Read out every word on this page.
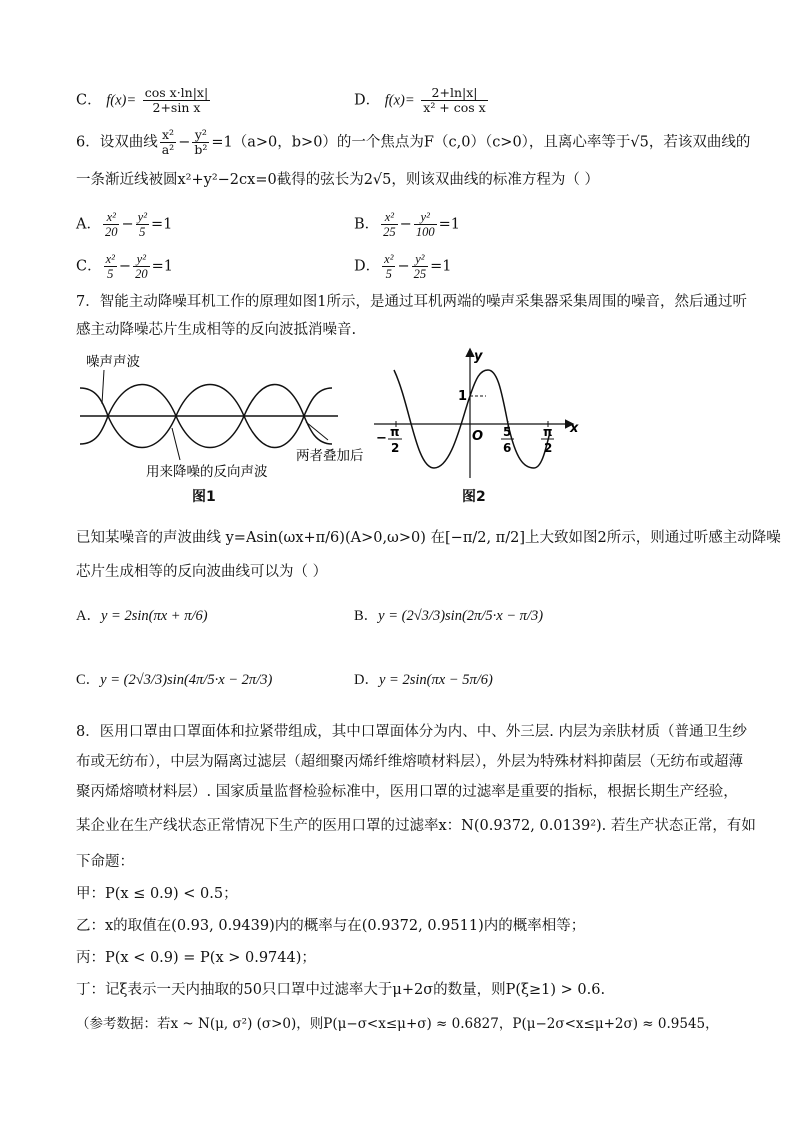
C． $f(x)= \frac{\text{cos x·ln|x|}}{\text{2+sin x}}$	D． $f(x)= \frac{2+\ln|x|}{\text{x² + cos x}}$
6．设双曲线 $\frac{\text{x²}}{\text{a²}} - \frac{\text{y²}}{\text{b²}} =1(a>0$，b>0）的一个焦点为F（c,0）（c>0），且离心率等于√5，若该双曲线的
一条渐近线被圆x²+y²−2cx=0截得的弦长为2√5，则该双曲线的标准方程为（ ）
A． $\frac{\text{x²}}{20} - \frac{\text{y²}}{5} =1$	B． $\frac{\text{x²}}{25} - \frac{\text{y²}}{100} =1$
C． $\frac{\text{x²}}{5} - \frac{\text{y²}}{20} =1$	D． $\frac{\text{x²}}{5} - \frac{\text{y²}}{25} =1$
7．智能主动降噪耳机工作的原理如图1所示，是通过耳机两端的噪声采集器采集周围的噪音，然后通过听
感主动降噪芯片生成相等的反向波抵消噪音.
噪声声波
用来降噪的反向声波
两者叠加后
图1
y
x
O
1
− π
2
5
6
π
2
图2
已知某噪音的声波曲线 y=Asin(ωx+π/6)(A>0,ω>0) 在[−π/2, π/2]上大致如图2所示，则通过听感主动降噪
芯片生成相等的反向波曲线可以为（ ）
A．y = 2sin(πx + π/6)	B．y = (2√3/3)sin(2π/5·x − π/3)
C．y = (2√3/3)sin(4π/5·x − 2π/3)	D．y = 2sin(πx − 5π/6)
8．医用口罩由口罩面体和拉紧带组成，其中口罩面体分为内、中、外三层. 内层为亲肤材质（普通卫生纱
布或无纺布），中层为隔离过滤层（超细聚丙烯纤维熔喷材料层），外层为特殊材料抑菌层（无纺布或超薄
聚丙烯熔喷材料层）. 国家质量监督检验标准中，医用口罩的过滤率是重要的指标，根据长期生产经验，
某企业在生产线状态正常情况下生产的医用口罩的过滤率x：N(0.9372, 0.0139²). 若生产状态正常，有如
下命题：
甲：P(x ≤ 0.9) < 0.5；
乙：x的取值在(0.93, 0.9439)内的概率与在(0.9372, 0.9511)内的概率相等；
丙：P(x < 0.9) = P(x > 0.9744)；
丁：记ξ表示一天内抽取的50只口罩中过滤率大于μ+2σ的数量，则P(ξ≥1) > 0.6.
（参考数据：若x ~ N(μ, σ²) (σ>0)，则P(μ−σ<x≤μ+σ) ≈ 0.6827，P(μ−2σ<x≤μ+2σ) ≈ 0.9545，
